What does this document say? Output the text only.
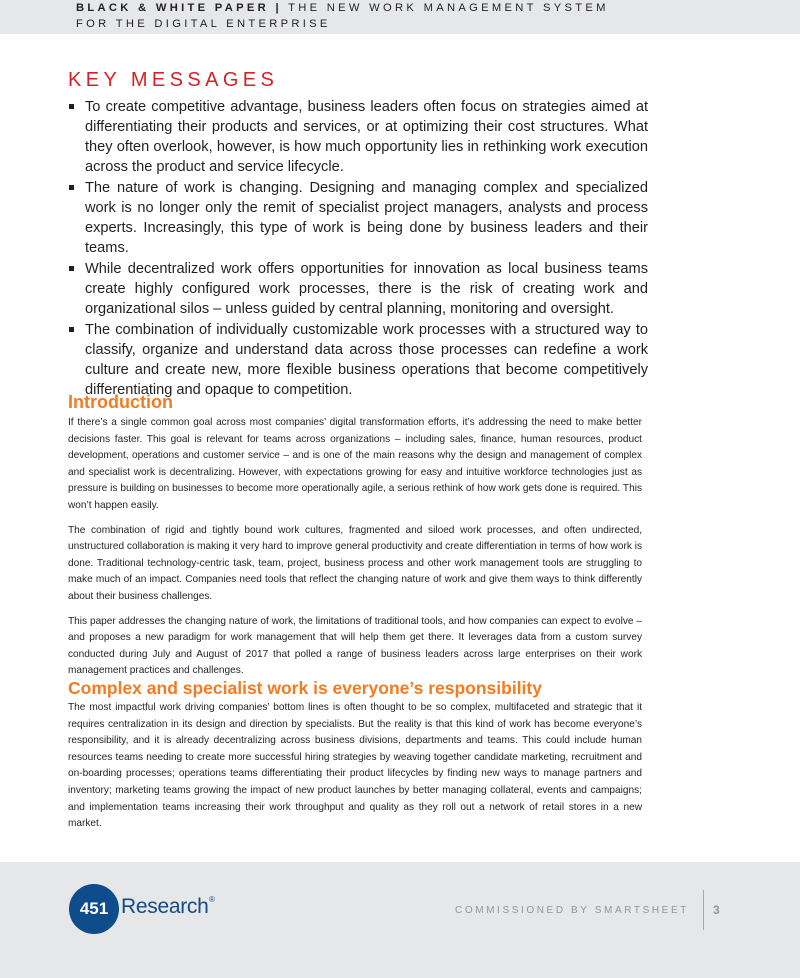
BLACK & WHITE PAPER | THE NEW WORK MANAGEMENT SYSTEM
FOR THE DIGITAL ENTERPRISE
KEY MESSAGES
To create competitive advantage, business leaders often focus on strategies aimed at differentiating their products and services, or at optimizing their cost structures. What they often overlook, however, is how much opportunity lies in rethinking work execution across the product and service lifecycle.
The nature of work is changing. Designing and managing complex and specialized work is no longer only the remit of specialist project managers, analysts and process experts. Increasingly, this type of work is being done by business leaders and their teams.
While decentralized work offers opportunities for innovation as local business teams create highly configured work processes, there is the risk of creating work and organizational silos – unless guided by central planning, monitoring and oversight.
The combination of individually customizable work processes with a structured way to classify, organize and understand data across those processes can redefine a work culture and create new, more flexible business operations that become competitively differentiating and opaque to competition.
Introduction

If there’s a single common goal across most companies’ digital transformation efforts, it’s addressing the need to make better decisions faster. This goal is relevant for teams across organizations – including sales, finance, human resources, product development, operations and customer service – and is one of the main reasons why the design and management of complex and specialist work is decentralizing. However, with expectations growing for easy and intuitive workforce technologies just as pressure is building on businesses to become more operationally agile, a serious rethink of how work gets done is required. This won’t happen easily.

The combination of rigid and tightly bound work cultures, fragmented and siloed work processes, and often undirected, unstructured collaboration is making it very hard to improve general productivity and create differentiation in terms of how work is done. Traditional technology-centric task, team, project, business process and other work management tools are struggling to make much of an impact. Companies need tools that reflect the changing nature of work and give them ways to think differently about their business challenges.

This paper addresses the changing nature of work, the limitations of traditional tools, and how companies can expect to evolve – and proposes a new paradigm for work management that will help them get there. It leverages data from a custom survey conducted during July and August of 2017 that polled a range of business leaders across large enterprises on their work management practices and challenges.

Complex and specialist work is everyone’s responsibility

The most impactful work driving companies’ bottom lines is often thought to be so complex, multifaceted and strategic that it requires centralization in its design and direction by specialists. But the reality is that this kind of work has become everyone’s responsibility, and it is already decentralizing across business divisions, departments and teams. This could include human resources teams needing to create more successful hiring strategies by weaving together candidate marketing, recruitment and on-boarding processes; operations teams differentiating their product lifecycles by finding new ways to manage partners and inventory; marketing teams growing the impact of new product launches by better managing collateral, events and campaigns; and implementation teams increasing their work throughput and quality as they roll out a network of retail stores in a new market.

451 Research ®
COMMISSIONED BY SMARTSHEET 3
